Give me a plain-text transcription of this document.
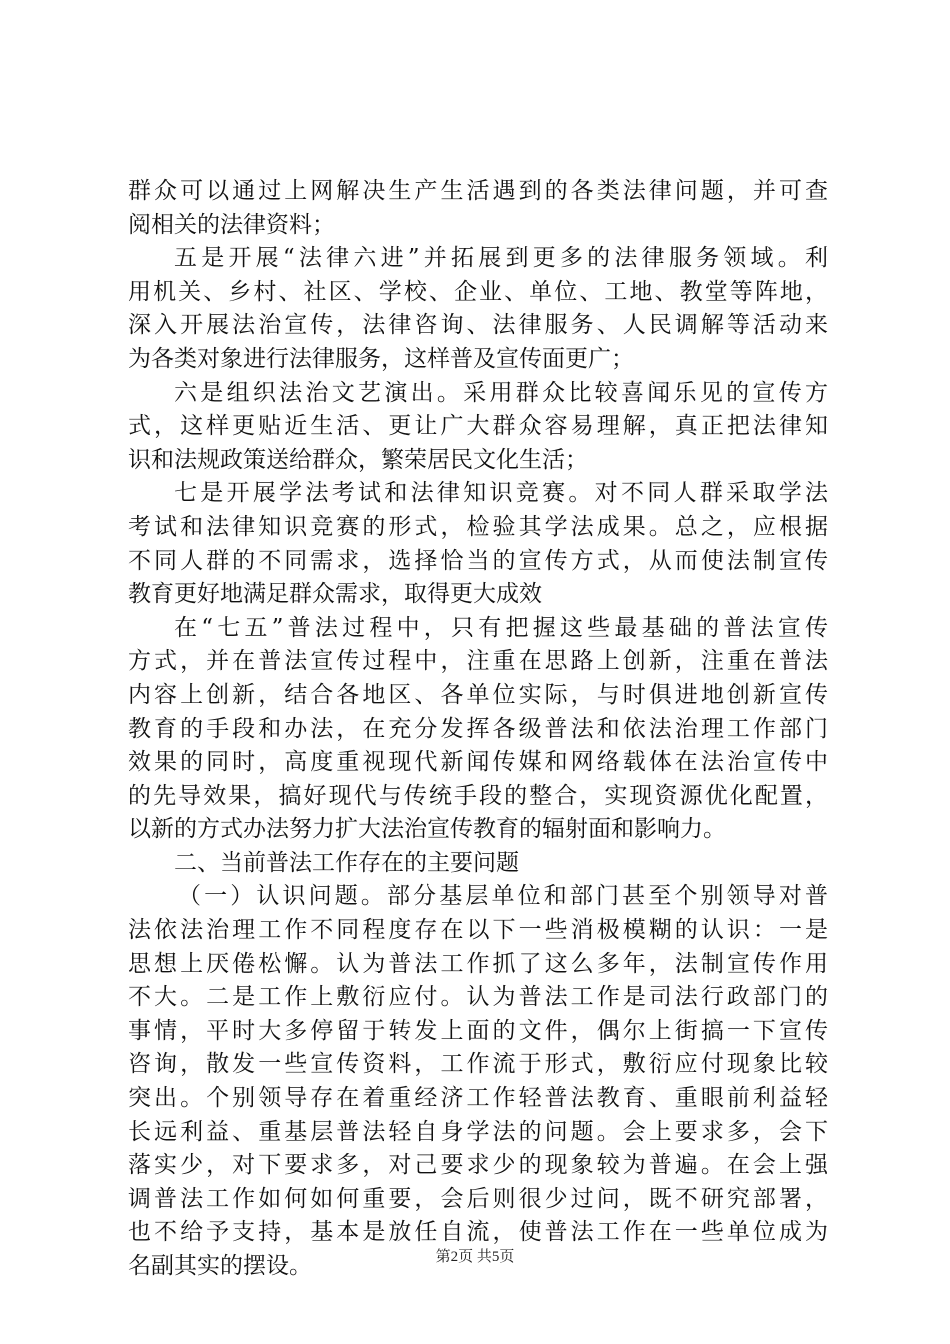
群众可以通过上网解决生产生活遇到的各类法律问题，并可查
阅相关的法律资料；
五是开展“法律六进”并拓展到更多的法律服务领域。利
用机关、乡村、社区、学校、企业、单位、工地、教堂等阵地，
深入开展法治宣传，法律咨询、法律服务、人民调解等活动来
为各类对象进行法律服务，这样普及宣传面更广；
六是组织法治文艺演出。采用群众比较喜闻乐见的宣传方
式，这样更贴近生活、更让广大群众容易理解，真正把法律知
识和法规政策送给群众，繁荣居民文化生活；
七是开展学法考试和法律知识竞赛。对不同人群采取学法
考试和法律知识竞赛的形式，检验其学法成果。总之，应根据
不同人群的不同需求，选择恰当的宣传方式，从而使法制宣传
教育更好地满足群众需求，取得更大成效
在“七五”普法过程中，只有把握这些最基础的普法宣传
方式，并在普法宣传过程中，注重在思路上创新，注重在普法
内容上创新，结合各地区、各单位实际，与时俱进地创新宣传
教育的手段和办法，在充分发挥各级普法和依法治理工作部门
效果的同时，高度重视现代新闻传媒和网络载体在法治宣传中
的先导效果，搞好现代与传统手段的整合，实现资源优化配置，
以新的方式办法努力扩大法治宣传教育的辐射面和影响力。
二、当前普法工作存在的主要问题
（一）认识问题。部分基层单位和部门甚至个别领导对普
法依法治理工作不同程度存在以下一些消极模糊的认识：一是
思想上厌倦松懈。认为普法工作抓了这么多年，法制宣传作用
不大。二是工作上敷衍应付。认为普法工作是司法行政部门的
事情，平时大多停留于转发上面的文件，偶尔上街搞一下宣传
咨询，散发一些宣传资料，工作流于形式，敷衍应付现象比较
突出。个别领导存在着重经济工作轻普法教育、重眼前利益轻
长远利益、重基层普法轻自身学法的问题。会上要求多，会下
落实少，对下要求多，对己要求少的现象较为普遍。在会上强
调普法工作如何如何重要，会后则很少过问，既不研究部署，
也不给予支持，基本是放任自流，使普法工作在一些单位成为
名副其实的摆设。	第2页 共5页
